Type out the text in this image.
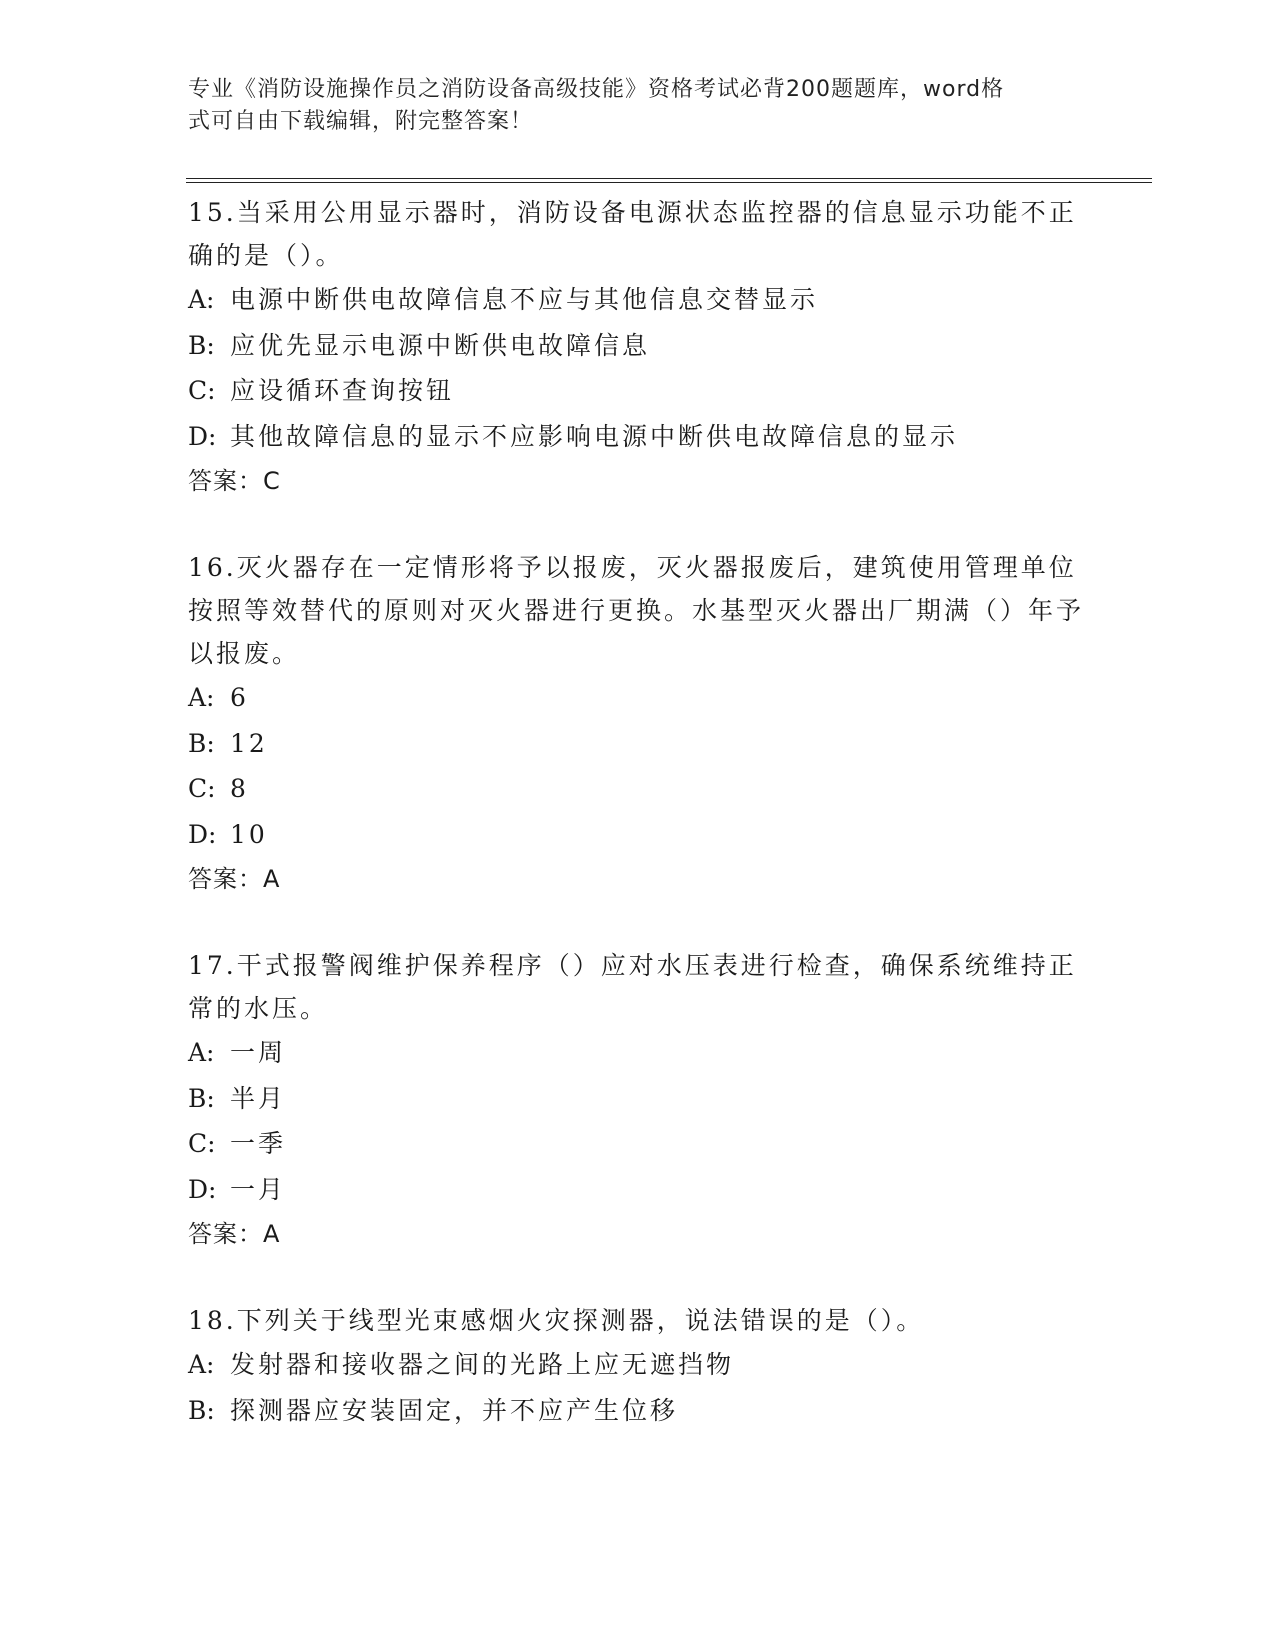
专业《消防设施操作员之消防设备高级技能》资格考试必背200题题库，word格
式可自由下载编辑，附完整答案！
15.当采用公用显示器时，消防设备电源状态监控器的信息显示功能不正确的是（）。
A: 电源中断供电故障信息不应与其他信息交替显示
B: 应优先显示电源中断供电故障信息
C: 应设循环查询按钮
D: 其他故障信息的显示不应影响电源中断供电故障信息的显示
答案：C
16.灭火器存在一定情形将予以报废，灭火器报废后，建筑使用管理单位按照等效替代的原则对灭火器进行更换。水基型灭火器出厂期满（）年予以报废。
A: 6
B: 12
C: 8
D: 10
答案：A
17.干式报警阀维护保养程序（）应对水压表进行检查，确保系统维持正常的水压。
A: 一周
B: 半月
C: 一季
D: 一月
答案：A
18.下列关于线型光束感烟火灾探测器，说法错误的是（）。
A: 发射器和接收器之间的光路上应无遮挡物
B: 探测器应安装固定，并不应产生位移
